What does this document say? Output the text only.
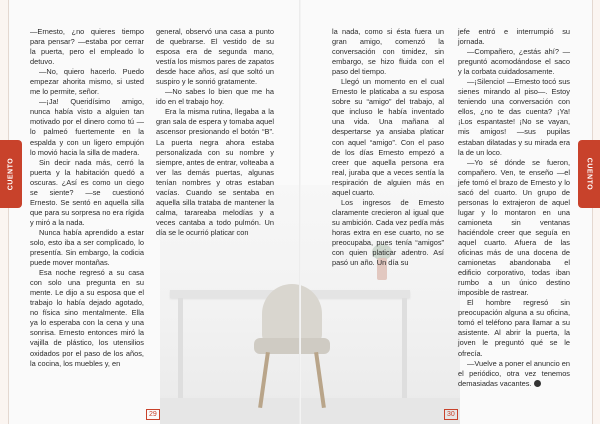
CUENTO	CUENTO

—Ernesto, ¿no quieres tiempo para pensar? —estaba por cerrar la puerta, pero el empleado lo detuvo.

—No, quiero hacerlo. Puedo empezar ahorita mismo, si usted me lo permite, señor.

—¡Ja! Queridísimo amigo, nunca había visto a alguien tan motivado por el dinero como tú —lo palmeó fuertemente en la espalda y con un ligero empujón lo movió hacia la silla de madera.

Sin decir nada más, cerró la puerta y la habitación quedó a oscuras. ¿Así es como un ciego se siente? —se cuestionó Ernesto. Se sentó en aquella silla que para su sorpresa no era rígida y miró a la nada.

Nunca había aprendido a estar solo, esto iba a ser complicado, lo presentía. Sin embargo, la codicia puede mover montañas.

Esa noche regresó a su casa con solo una pregunta en su mente. Le dijo a su esposa que el trabajo lo había dejado agotado, no física sino mentalmente. Ella ya lo esperaba con la cena y una sonrisa. Ernesto entonces miró la vajilla de plástico, los utensilios oxidados por el paso de los años, la cocina, los muebles y, en

general, observó una casa a punto de quebrarse. El vestido de su esposa era de segunda mano, vestía los mismos pares de zapatos desde hace años, así que soltó un suspiro y le sonrió gratamente.

—No sabes lo bien que me ha ido en el trabajo hoy.

Era la misma rutina, llegaba a la gran sala de espera y tomaba aquel ascensor presionando el botón “B”. La puerta negra ahora estaba personalizada con su nombre y siempre, antes de entrar, volteaba a ver las demás puertas, algunas tenían nombres y otras estaban vacías. Cuando se sentaba en aquella silla trataba de mantener la calma, tarareaba melodías y a veces cantaba a todo pulmón. Un día se le ocurrió platicar con

la nada, como si ésta fuera un gran amigo, comenzó la conversación con timidez, sin embargo, se hizo fluida con el paso del tiempo.

Llegó un momento en el cual Ernesto le platicaba a su esposa sobre su “amigo” del trabajo, al que incluso le había inventado una vida. Una mañana al despertarse ya ansiaba platicar con aquel “amigo”. Con el paso de los días Ernesto empezó a creer que aquella persona era real, juraba que a veces sentía la respiración de alguien más en aquel cuarto.

Los ingresos de Ernesto claramente crecieron al igual que su ambición. Cada vez pedía más horas extra en ese cuarto, no se preocupaba, pues tenía “amigos” con quien platicar adentro. Así pasó un año. Un día su

jefe entró e interrumpió su jornada.

—Compañero, ¿estás ahí? —preguntó acomodándose el saco y la corbata cuidadosamente.

—¡Silencio! —Ernesto tocó sus sienes mirando al piso—. Estoy teniendo una conversación con ellos, ¿no te das cuenta? ¡Ya! ¡Los espantaste! ¡No se vayan, mis amigos! —sus pupilas estaban dilatadas y su mirada era la de un loco.

—Yo sé dónde se fueron, compañero. Ven, te enseño —el jefe tomó el brazo de Ernesto y lo sacó del cuarto. Un grupo de personas lo extrajeron de aquel lugar y lo montaron en una camioneta sin ventanas haciéndole creer que seguía en aquel cuarto. Afuera de las oficinas más de una docena de camionetas abandonaba el edificio corporativo, todas iban rumbo a un único destino imposible de rastrear.

El hombre regresó sin preocupación alguna a su oficina, tomó el teléfono para llamar a su asistente. Al abrir la puerta, la joven le preguntó qué se le ofrecía.

—Vuelve a poner el anuncio en el periódico, otra vez tenemos demasiadas vacantes.

29	30
